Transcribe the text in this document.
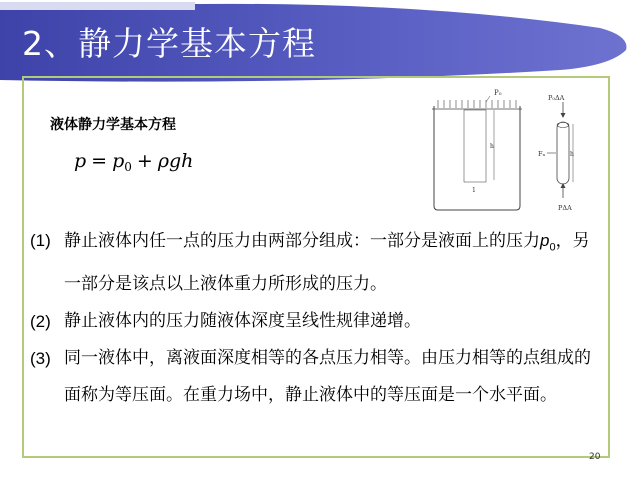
2、静力学基本方程
液体静力学基本方程
$p = p_0 + \rho gh$
P₀
h
1
P₀ΔA
h
Fₙ
PΔA
(1) 静止液体内任一点的压力由两部分组成：一部分是液面上的压力$p_0$，另一部分是该点以上液体重力所形成的压力。
(2) 静止液体内的压力随液体深度呈线性规律递增。
(3) 同一液体中，离液面深度相等的各点压力相等。由压力相等的点组成的面称为等压面。在重力场中，静止液体中的等压面是一个水平面。
20
